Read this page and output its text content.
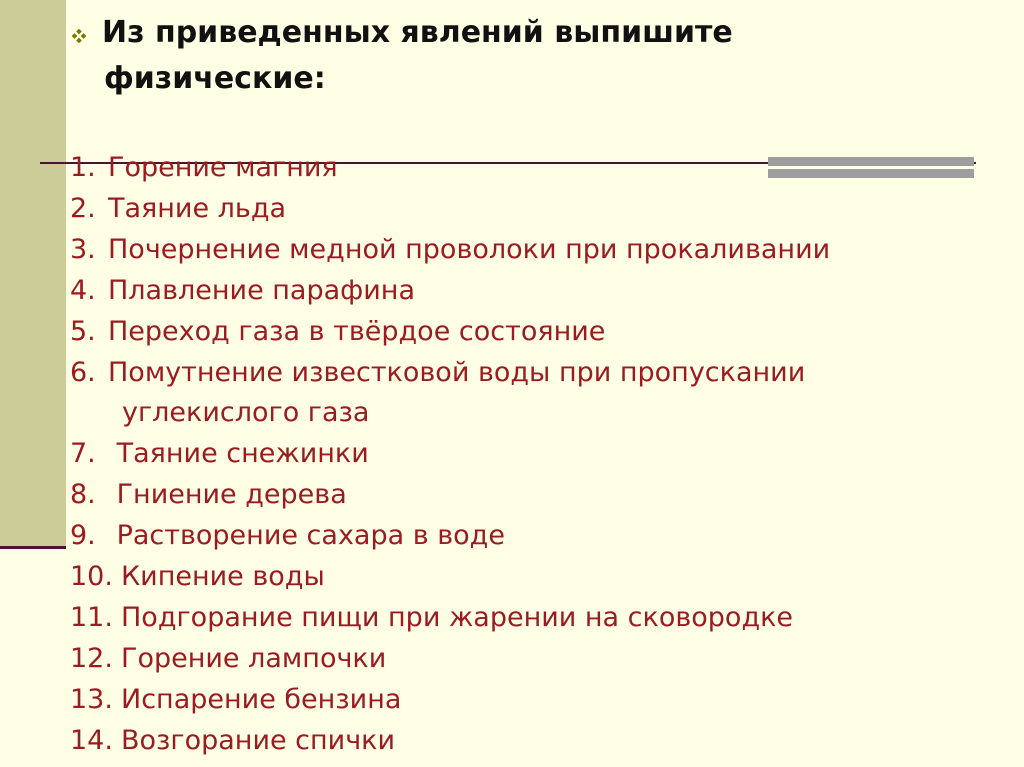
Из приведенных явлений выпишите
физические:
1. Горение магния
2. Таяние льда
3. Почернение медной проволоки при прокаливании
4. Плавление парафина
5. Переход газа в твёрдое состояние
6. Помутнение известковой воды при пропускании
углекислого газа
7. Таяние снежинки
8. Гниение дерева
9. Растворение сахара в воде
10. Кипение воды
11. Подгорание пищи при жарении на сковородке
12. Горение лампочки
13. Испарение бензина
14. Возгорание спички
